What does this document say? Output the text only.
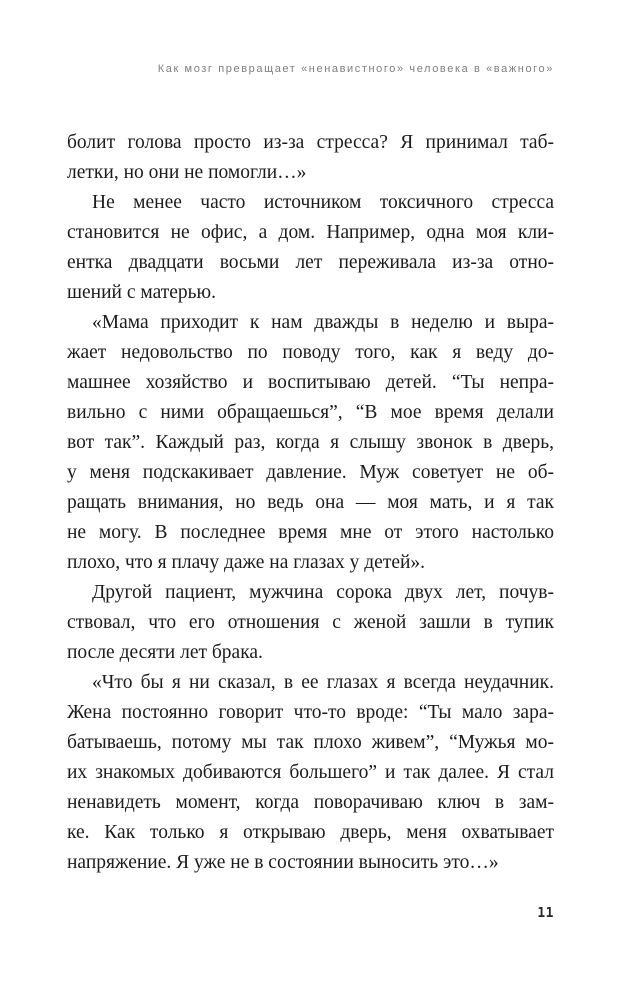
Как мозг превращает «ненавистного» человека в «важного»
болит голова просто из-за стресса? Я принимал таб-
летки, но они не помогли…»
Не менее часто источником токсичного стресса
становится не офис, а дом. Например, одна моя кли-
ентка двадцати восьми лет переживала из-за отно-
шений с матерью.
«Мама приходит к нам дважды в неделю и выра-
жает недовольство по поводу того, как я веду до-
машнее хозяйство и воспитываю детей. “Ты непра-
вильно с ними обращаешься”, “В мое время делали
вот так”. Каждый раз, когда я слышу звонок в дверь,
у меня подскакивает давление. Муж советует не об-
ращать внимания, но ведь она — моя мать, и я так
не могу. В последнее время мне от этого настолько
плохо, что я плачу даже на глазах у детей».
Другой пациент, мужчина сорока двух лет, почув-
ствовал, что его отношения с женой зашли в тупик
после десяти лет брака.
«Что бы я ни сказал, в ее глазах я всегда неудачник.
Жена постоянно говорит что-то вроде: “Ты мало зара-
батываешь, потому мы так плохо живем”, “Мужья мо-
их знакомых добиваются большего” и так далее. Я стал
ненавидеть момент, когда поворачиваю ключ в зам-
ке. Как только я открываю дверь, меня охватывает
напряжение. Я уже не в состоянии выносить это…»
11
